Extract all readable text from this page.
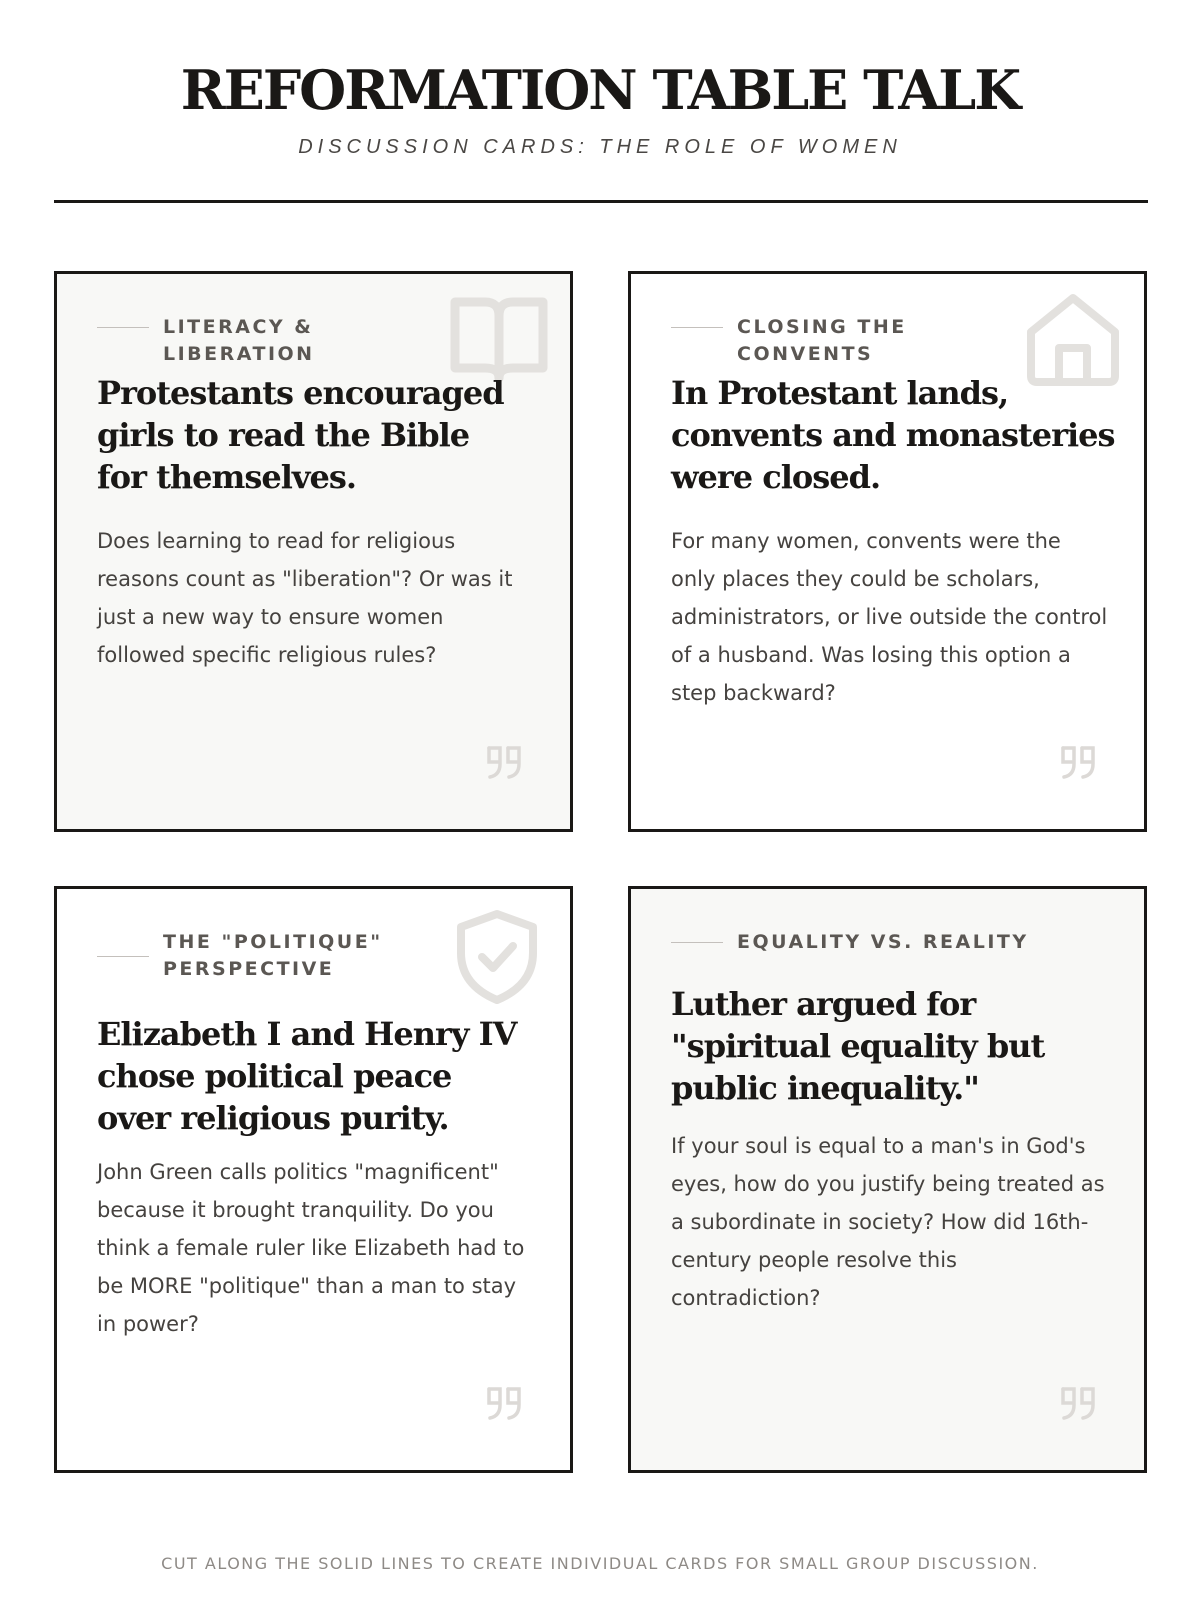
REFORMATION TABLE TALK
DISCUSSION CARDS: THE ROLE OF WOMEN
LITERACY & LIBERATION
Protestants encouraged girls to read the Bible for themselves.
Does learning to read for religious reasons count as "liberation"? Or was it just a new way to ensure women followed specific religious rules?
CLOSING THE CONVENTS
In Protestant lands, convents and monasteries were closed.
For many women, convents were the only places they could be scholars, administrators, or live outside the control of a husband. Was losing this option a step backward?
THE "POLITIQUE" PERSPECTIVE
Elizabeth I and Henry IV chose political peace over religious purity.
John Green calls politics "magnificent" because it brought tranquility. Do you think a female ruler like Elizabeth had to be MORE "politique" than a man to stay in power?
EQUALITY VS. REALITY
Luther argued for "spiritual equality but public inequality."
If your soul is equal to a man's in God's eyes, how do you justify being treated as a subordinate in society? How did 16th-century people resolve this contradiction?
CUT ALONG THE SOLID LINES TO CREATE INDIVIDUAL CARDS FOR SMALL GROUP DISCUSSION.
